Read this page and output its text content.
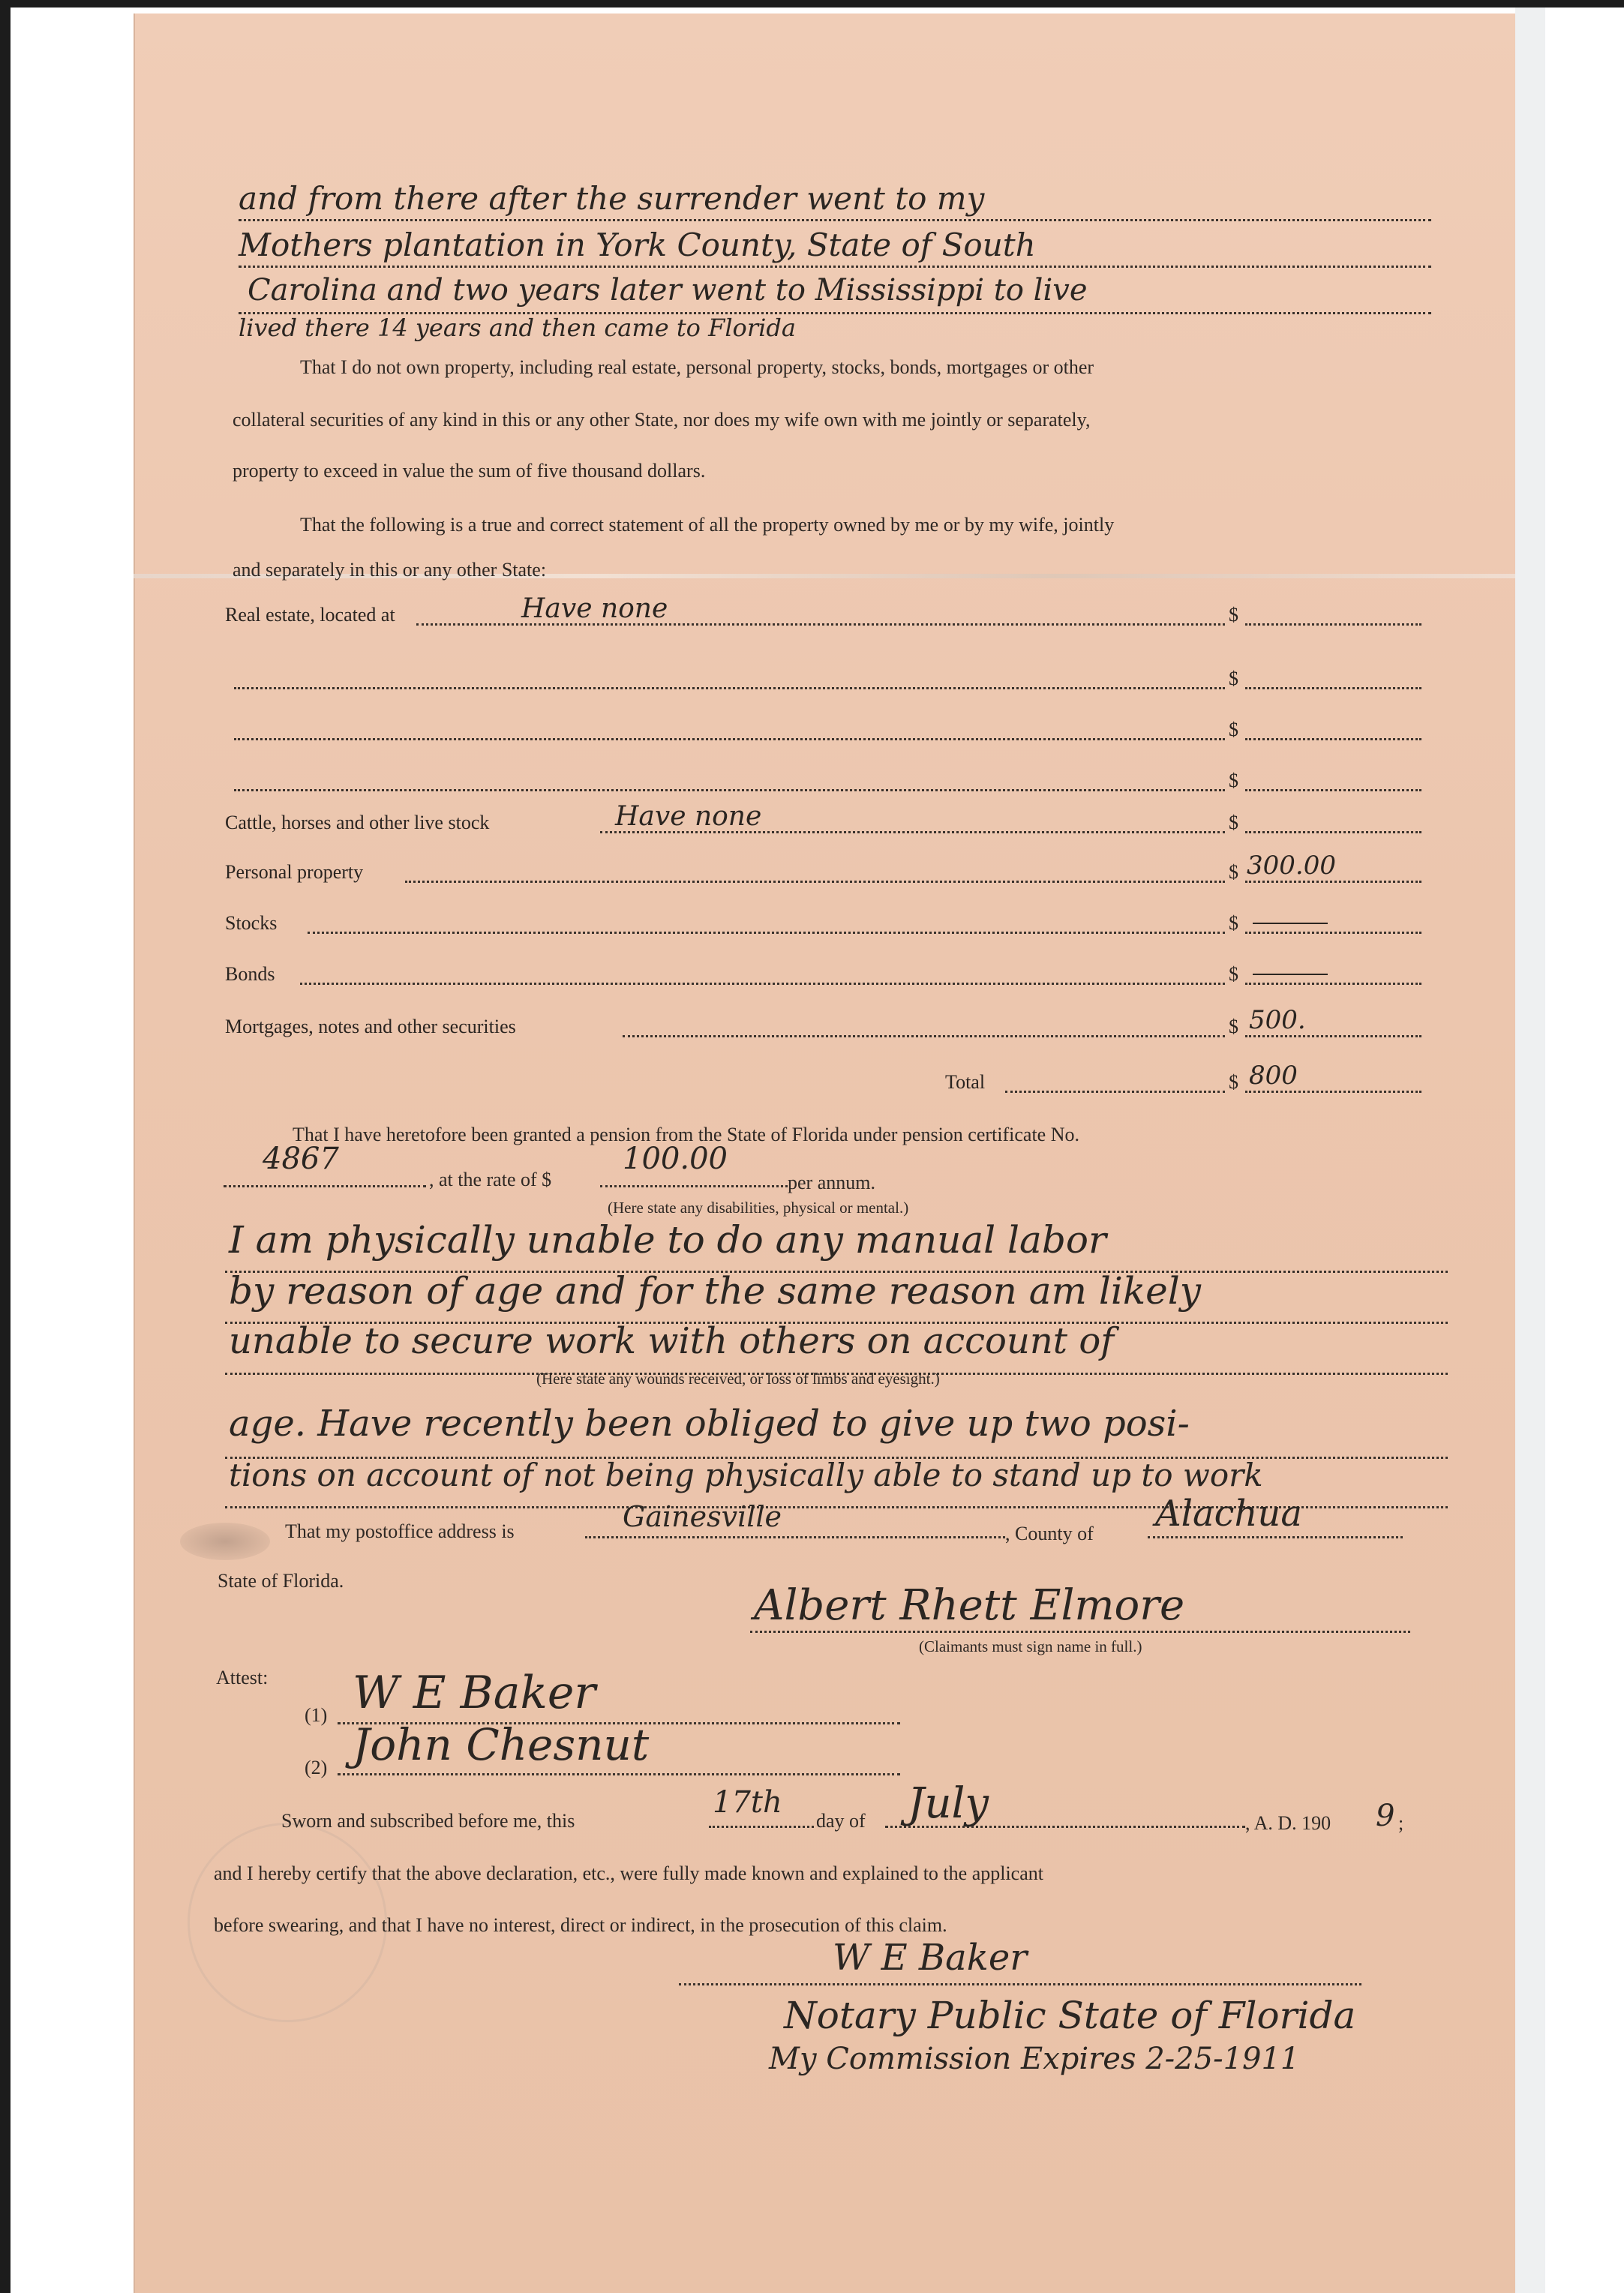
and from there after the surrender went to my
Mothers plantation in York County, State of South
Carolina and two years later went to Mississippi to live
lived there 14 years and then came to Florida
That I do not own property, including real estate, personal property, stocks, bonds, mortgages or other
collateral securities of any kind in this or any other State, nor does my wife own with me jointly or separately,
property to exceed in value the sum of five thousand dollars.
That the following is a true and correct statement of all the property owned by me or by my wife, jointly
and separately in this or any other State:
Real estate, located at	Have none	$
$
$
$
Cattle, horses and other live stock	Have none	$
Personal property	$ 300.00
Stocks	$
Bonds	$
Mortgages, notes and other securities	$ 500.
Total	$ 800
That I have heretofore been granted a pension from the State of Florida under pension certificate No.
4867
, at the rate of $
100.00
per annum.
(Here state any disabilities, physical or mental.)
I am physically unable to do any manual labor
by reason of age and for the same reason am likely
unable to secure work with others on account of
(Here state any wounds received, or loss of limbs and eyesight.)
age. Have recently been obliged to give up two posi-
tions on account of not being physically able to stand up to work
That my postoffice address is	Gainesville
, County of Alachua
State of Florida.
Albert Rhett Elmore
(Claimants must sign name in full.)
Attest:
(1) W E Baker
(2) John Chesnut
Sworn and subscribed before me, this
17th
day of July	, A. D. 190 9 ;
and I hereby certify that the above declaration, etc., were fully made known and explained to the applicant
before swearing, and that I have no interest, direct or indirect, in the prosecution of this claim.
W E Baker
Notary Public State of Florida
My Commission Expires 2-25-1911
